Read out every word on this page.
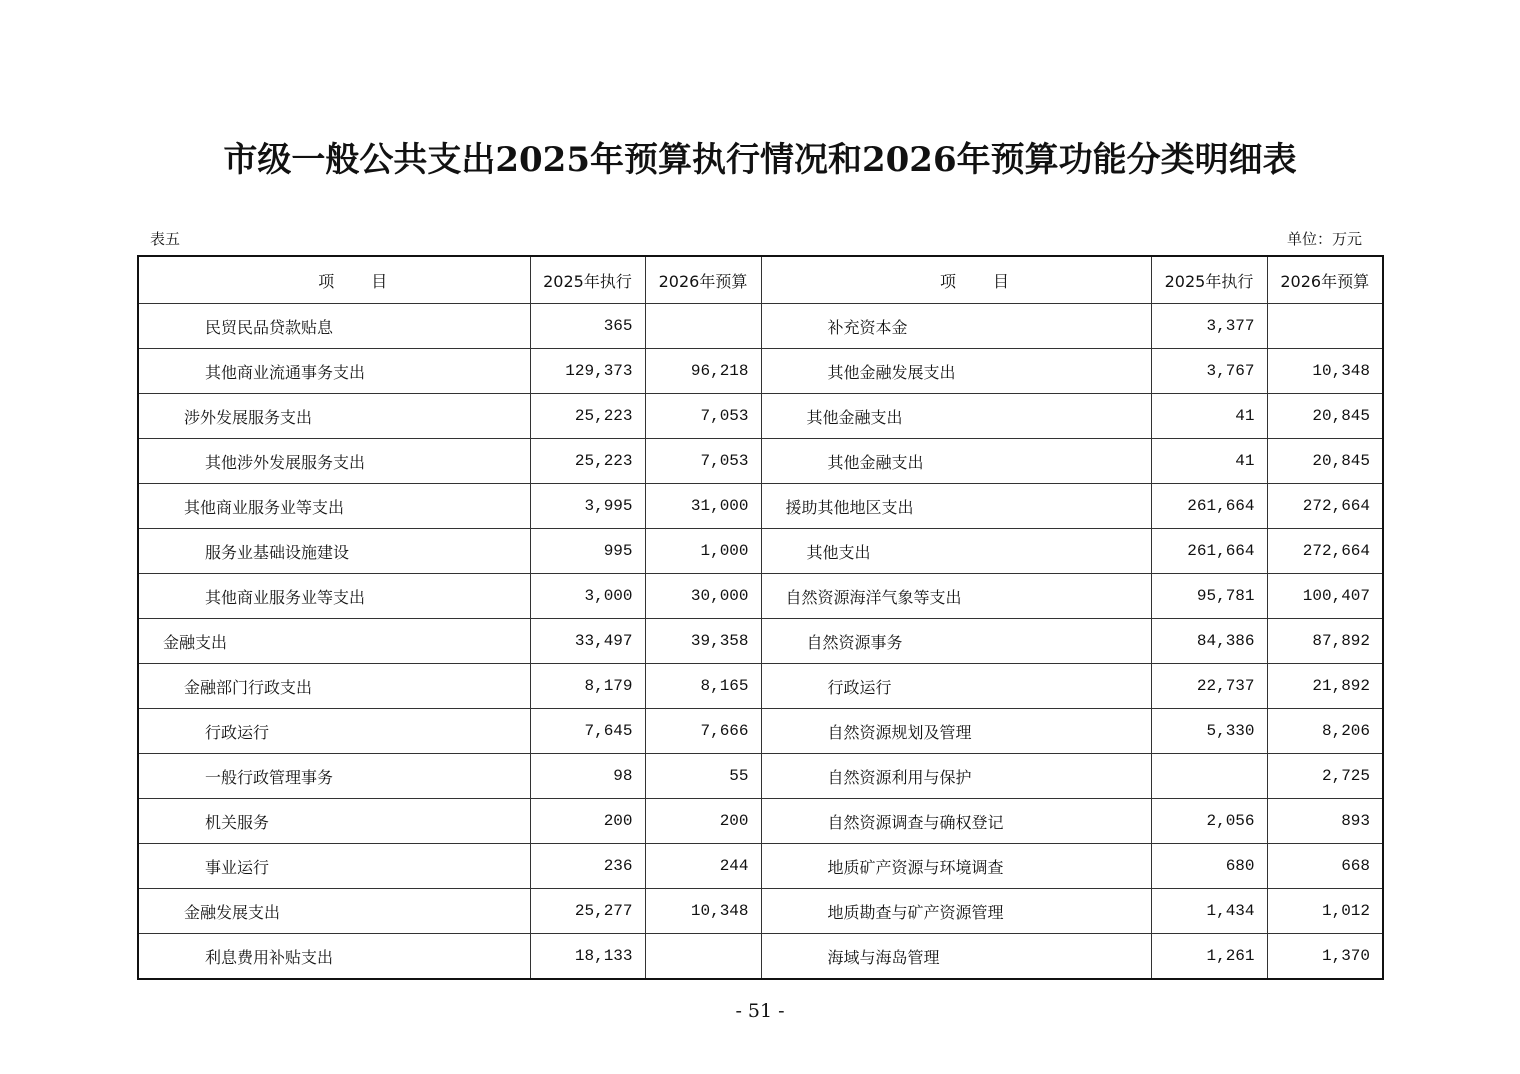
市级一般公共支出2025年预算执行情况和2026年预算功能分类明细表
表五	单位：万元
项 目	2025年执行	2026年预算	项 目	2025年执行	2026年预算
民贸民品贷款贴息	365		补充资本金	3,377	
其他商业流通事务支出	129,373	96,218	其他金融发展支出	3,767	10,348
涉外发展服务支出	25,223	7,053	其他金融支出	41	20,845
其他涉外发展服务支出	25,223	7,053	其他金融支出	41	20,845
其他商业服务业等支出	3,995	31,000	援助其他地区支出	261,664	272,664
服务业基础设施建设	995	1,000	其他支出	261,664	272,664
其他商业服务业等支出	3,000	30,000	自然资源海洋气象等支出	95,781	100,407
金融支出	33,497	39,358	自然资源事务	84,386	87,892
金融部门行政支出	8,179	8,165	行政运行	22,737	21,892
行政运行	7,645	7,666	自然资源规划及管理	5,330	8,206
一般行政管理事务	98	55	自然资源利用与保护		2,725
机关服务	200	200	自然资源调查与确权登记	2,056	893
事业运行	236	244	地质矿产资源与环境调查	680	668
金融发展支出	25,277	10,348	地质勘查与矿产资源管理	1,434	1,012
利息费用补贴支出	18,133		海域与海岛管理	1,261	1,370
- 51 -
